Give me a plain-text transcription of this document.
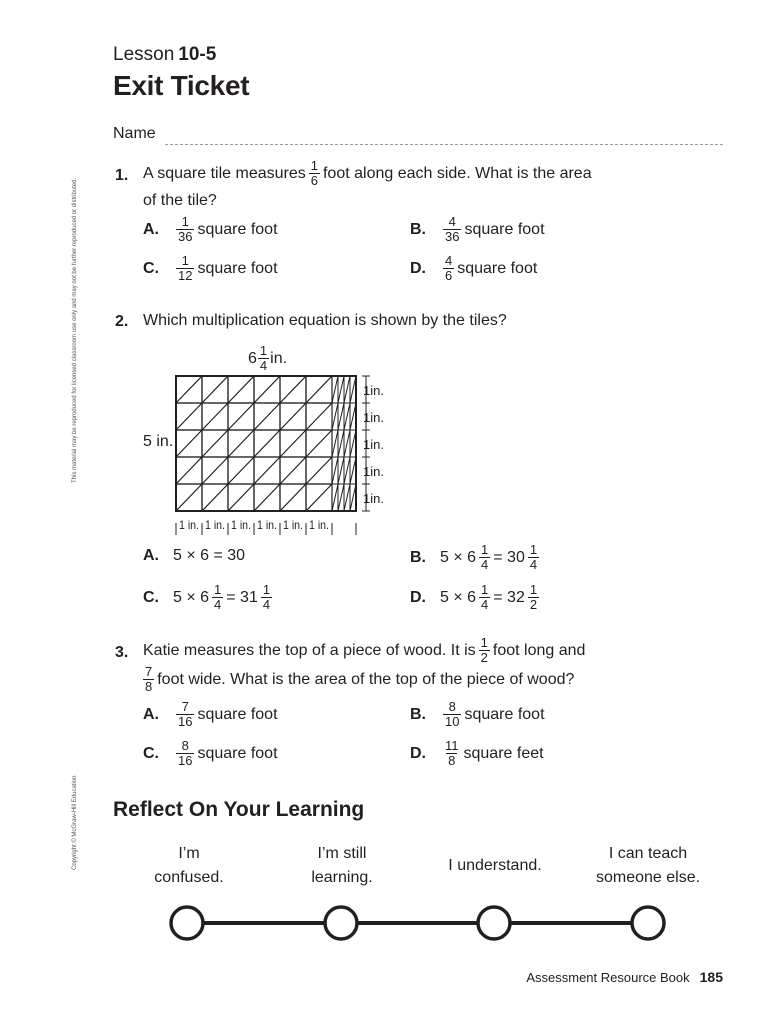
Lesson 10-5
Exit Ticket
Name
This material may be reproduced for licensed classroom use only and may not be further reproduced or distributed.
Copyright © McGraw-Hill Education
1. A square tile measures $\frac{1}{6}$ foot along each side. What is the area
of the tile?
A.	$\frac{1}{36}$ square foot	B.	$\frac{4}{36}$ square foot
C.	$\frac{1}{12}$ square foot	D.	$\frac{4}{6}$ square foot
2. Which multiplication equation is shown by the tiles?
$6 \frac{1}{4}$ in.
5 in.
1in.
1in.
1in.
1in.
1in.
1 in. 1 in. 1 in. 1 in. 1 in. 1 in.
A. 5 × 6 = 30	B. $5 \times 6 \frac{1}{4} = 30 \frac{1}{4}$
C. $5 \times 6 \frac{1}{4} = 31 \frac{1}{4}$	D. $5 \times 6 \frac{1}{4} = 32 \frac{1}{2}$
3. Katie measures the top of a piece of wood. It is $\frac{1}{2}$ foot long and
$\frac{7}{8}$ foot wide. What is the area of the top of the piece of wood?
A.	$\frac{7}{16}$ square foot	B.	$\frac{8}{10}$ square foot
C.	$\frac{8}{16}$ square foot	D.	$\frac{11}{8}$ square feet
Reflect On Your Learning
I’m
confused.
I’m still
learning.
I understand.
I can teach
someone else.
Assessment Resource Book 185
